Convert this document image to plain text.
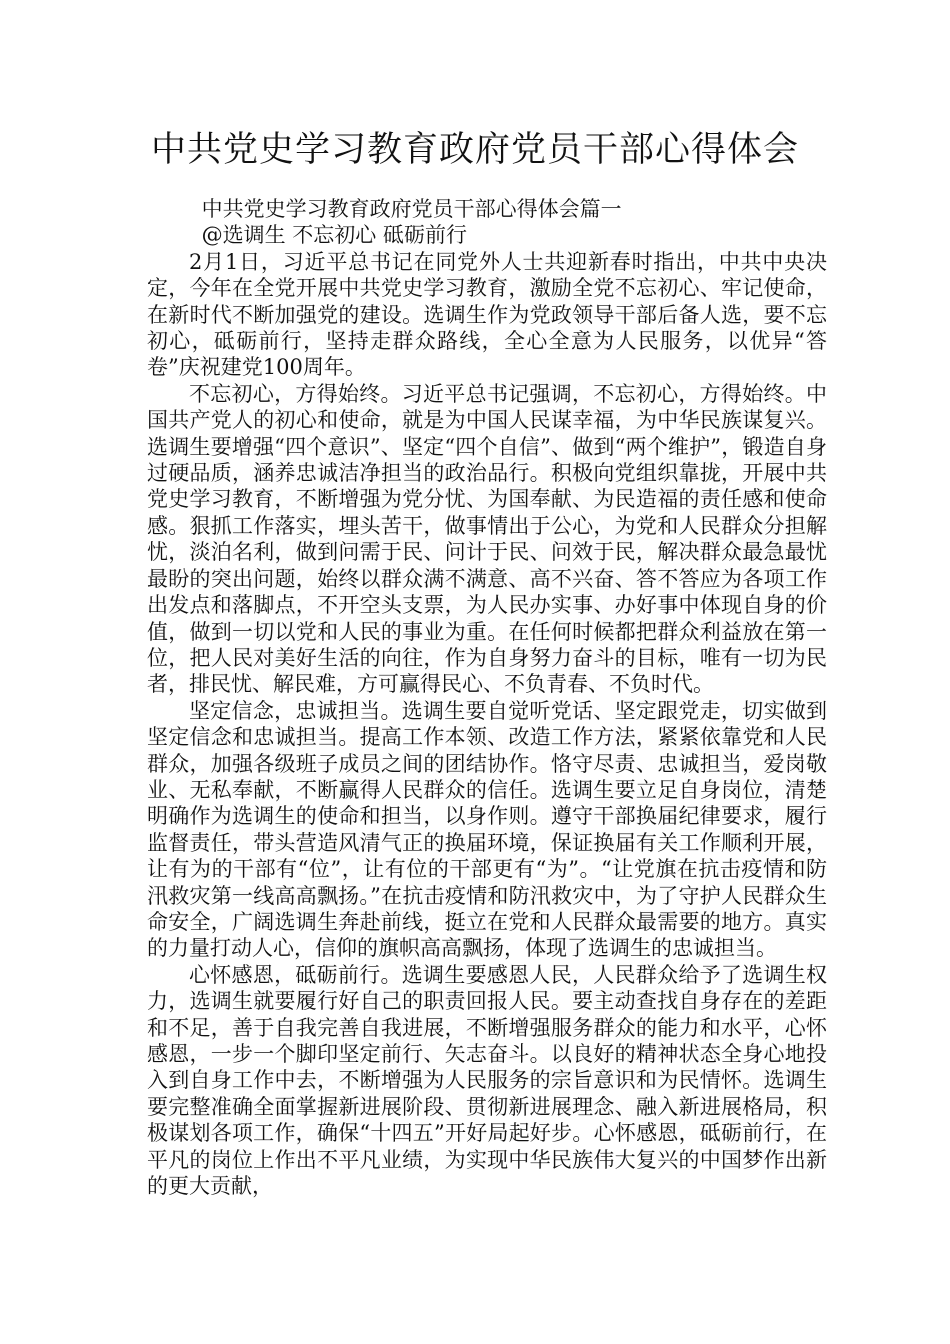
中共党史学习教育政府党员干部心得体会

中共党史学习教育政府党员干部心得体会篇一

@选调生 不忘初心 砥砺前行

2月1日，习近平总书记在同党外人士共迎新春时指出，中共中央决定，今年在全党开展中共党史学习教育，激励全党不忘初心、牢记使命，在新时代不断加强党的建设。选调生作为党政领导干部后备人选，要不忘初心，砥砺前行，坚持走群众路线，全心全意为人民服务，以优异“答卷”庆祝建党100周年。

不忘初心，方得始终。习近平总书记强调，不忘初心，方得始终。中国共产党人的初心和使命，就是为中国人民谋幸福，为中华民族谋复兴。选调生要增强“四个意识”、坚定“四个自信”、做到“两个维护”，锻造自身过硬品质，涵养忠诚洁净担当的政治品行。积极向党组织靠拢，开展中共党史学习教育，不断增强为党分忧、为国奉献、为民造福的责任感和使命感。狠抓工作落实，埋头苦干，做事情出于公心，为党和人民群众分担解忧，淡泊名利，做到问需于民、问计于民、问效于民，解决群众最急最忧最盼的突出问题，始终以群众满不满意、高不兴奋、答不答应为各项工作出发点和落脚点，不开空头支票，为人民办实事、办好事中体现自身的价值，做到一切以党和人民的事业为重。在任何时候都把群众利益放在第一位，把人民对美好生活的向往，作为自身努力奋斗的目标，唯有一切为民者，排民忧、解民难，方可赢得民心、不负青春、不负时代。

坚定信念，忠诚担当。选调生要自觉听党话、坚定跟党走，切实做到坚定信念和忠诚担当。提高工作本领、改造工作方法，紧紧依靠党和人民群众，加强各级班子成员之间的团结协作。恪守尽责、忠诚担当，爱岗敬业、无私奉献，不断赢得人民群众的信任。选调生要立足自身岗位，清楚明确作为选调生的使命和担当，以身作则。遵守干部换届纪律要求，履行监督责任，带头营造风清气正的换届环境，保证换届有关工作顺利开展，让有为的干部有“位”，让有位的干部更有“为”。“让党旗在抗击疫情和防汛救灾第一线高高飘扬。”在抗击疫情和防汛救灾中，为了守护人民群众生命安全，广阔选调生奔赴前线，挺立在党和人民群众最需要的地方。真实的力量打动人心，信仰的旗帜高高飘扬，体现了选调生的忠诚担当。

心怀感恩，砥砺前行。选调生要感恩人民，人民群众给予了选调生权力，选调生就要履行好自己的职责回报人民。要主动查找自身存在的差距和不足，善于自我完善自我进展，不断增强服务群众的能力和水平，心怀感恩，一步一个脚印坚定前行、矢志奋斗。以良好的精神状态全身心地投入到自身工作中去，不断增强为人民服务的宗旨意识和为民情怀。选调生要完整准确全面掌握新进展阶段、贯彻新进展理念、融入新进展格局，积极谋划各项工作，确保“十四五”开好局起好步。心怀感恩，砥砺前行，在平凡的岗位上作出不平凡业绩，为实现中华民族伟大复兴的中国梦作出新的更大贡献，
